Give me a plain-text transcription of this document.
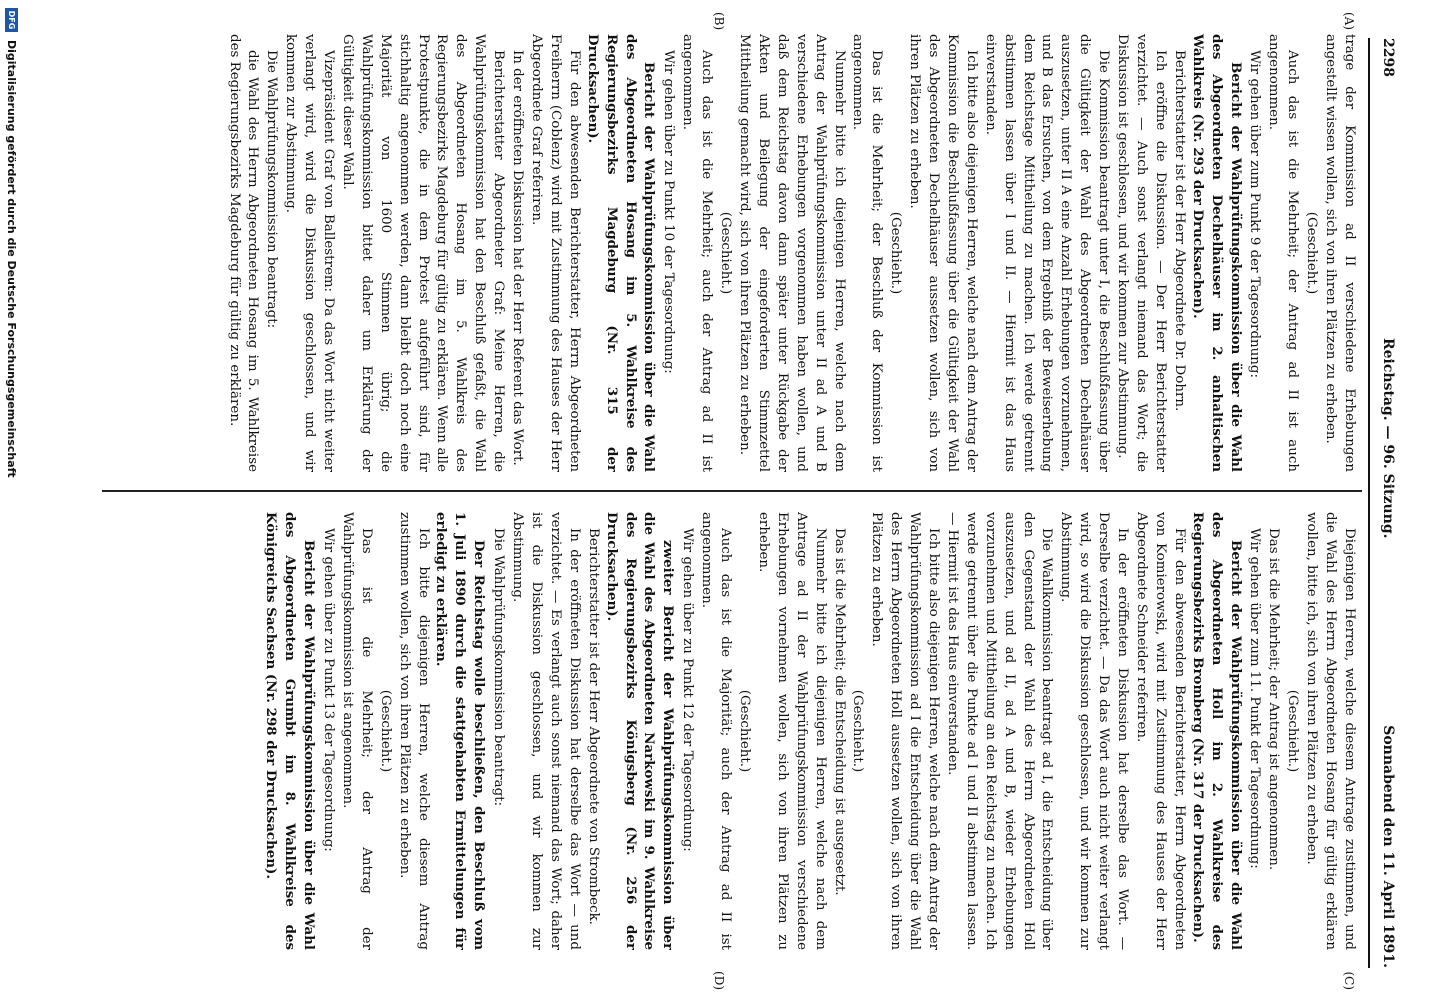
2298
Reichstag. — 96. Sitzung.
Sonnabend den 11. April 1891.
(A)
(B)
(C)
(D)

trage der Kommission ad II verschiedene Erhebungen angestellt wissen wollen, sich von ihren Plätzen zu erheben.

(Geschieht.)

Auch das ist die Mehrheit; der Antrag ad II ist auch angenommen.

Wir gehen über zum Punkt 9 der Tagesordnung:

Bericht der Wahlprüfungskommission über die Wahl des Abgeordneten Dechelhäuser im 2. anhaltischen Wahlkreis (Nr. 293 der Drucksachen).

Berichterstatter ist der Herr Abgeordnete Dr. Dohrn.

Ich eröffne die Diskussion. — Der Herr Berichterstatter verzichtet. — Auch sonst verlangt niemand das Wort; die Diskussion ist geschlossen, und wir kommen zur Abstimmung.

Die Kommission beantragt unter I, die Beschlußfassung über die Gültigkeit der Wahl des Abgeordneten Dechelhäuser auszusetzen, unter II A eine Anzahl Erhebungen vorzunehmen, und B das Ersuchen, von dem Ergebniß der Beweiserhebung dem Reichstage Mittheilung zu machen. Ich werde getrennt abstimmen lassen über I und II. — Hiermit ist das Haus einverstanden.

Ich bitte also diejenigen Herren, welche nach dem Antrag der Kommission die Beschlußfassung über die Gültigkeit der Wahl des Abgeordneten Dechelhäuser aussetzen wollen, sich von ihren Plätzen zu erheben.

(Geschieht.)

Das ist die Mehrheit; der Beschluß der Kommission ist angenommen.

Nunmehr bitte ich diejenigen Herren, welche nach dem Antrag der Wahlprüfungskommission unter II ad A und B verschiedene Erhebungen vorgenommen haben wollen, und daß dem Reichstag davon dann später unter Rückgabe der Akten und Beilegung der eingeforderten Stimmzettel Mittheilung gemacht wird, sich von ihren Plätzen zu erheben.

(Geschieht.)

Auch das ist die Mehrheit; auch der Antrag ad II ist angenommen.

Wir gehen über zu Punkt 10 der Tagesordnung:

Bericht der Wahlprüfungskommission über die Wahl des Abgeordneten Hosang im 5. Wahlkreise des Regierungsbezirks Magdeburg (Nr. 315 der Drucksachen).

Für den abwesenden Berichterstatter, Herrn Abgeordneten Freiherrn (Coblenz) wird mit Zustimmung des Hauses der Herr Abgeordnete Graf referiren.

In der eröffneten Diskussion hat der Herr Referent das Wort.

Berichterstatter Abgeordneter Graf: Meine Herren, die Wahlprüfungskommission hat den Beschluß gefaßt, die Wahl des Abgeordneten Hosang im 5. Wahlkreis des Regierungsbezirks Magdeburg für gültig zu erklären. Wenn alle Protestpunkte, die in dem Protest aufgeführt sind, für stichhaltig angenommen werden, dann bleibt doch noch eine Majorität von 1600 Stimmen übrig; die Wahlprüfungskommission bittet daher um Erklärung der Gültigkeit dieser Wahl.

Vizepräsident Graf von Ballestrem: Da das Wort nicht weiter verlangt wird, wird die Diskussion geschlossen, und wir kommen zur Abstimmung.

Die Wahlprüfungskommission beantragt:

die Wahl des Herrn Abgeordneten Hosang im 5. Wahlkreise des Regierungsbezirks Magdeburg für gültig zu erklären.

Diejenigen Herren, welche diesem Antrage zustimmen, und die Wahl des Herrn Abgeordneten Hosang für gültig erklären wollen, bitte ich, sich von ihren Plätzen zu erheben.

(Geschieht.)

Das ist die Mehrheit; der Antrag ist angenommen.

Wir gehen über zum 11. Punkt der Tagesordnung:

Bericht der Wahlprüfungskommission über die Wahl des Abgeordneten Holl im 2. Wahlkreise des Regierungsbezirks Bromberg (Nr. 317 der Drucksachen).

Für den abwesenden Berichterstatter, Herrn Abgeordneten von Komierowski, wird mit Zustimmung des Hauses der Herr Abgeordnete Schneider referiren.

In der eröffneten Diskussion hat derselbe das Wort. — Derselbe verzichtet. — Da das Wort auch nicht weiter verlangt wird, so wird die Diskussion geschlossen, und wir kommen zur Abstimmung.

Die Wahlkommission beantragt ad I, die Entscheidung über den Gegenstand der Wahl des Herrn Abgeordneten Holl auszusetzen, und ad II, ad A und B, wieder Erhebungen vorzunehmen und Mittheilung an den Reichstag zu machen. Ich werde getrennt über die Punkte ad I und II abstimmen lassen. — Hiermit ist das Haus einverstanden.

Ich bitte also diejenigen Herren, welche nach dem Antrag der Wahlprüfungskommission ad I die Entscheidung über die Wahl des Herrn Abgeordneten Holl aussetzen wollen, sich von ihren Plätzen zu erheben.

(Geschieht.)

Das ist die Mehrheit; die Entscheidung ist ausgesetzt.

Nunmehr bitte ich diejenigen Herren, welche nach dem Antrage ad II der Wahlprüfungskommission verschiedene Erhebungen vornehmen wollen, sich von ihren Plätzen zu erheben.

(Geschieht.)

Auch das ist die Majorität; auch der Antrag ad II ist angenommen.

Wir gehen über zu Punkt 12 der Tagesordnung:

zweiter Bericht der Wahlprüfungskommission über die Wahl des Abgeordneten Narkowski im 9. Wahlkreise des Regierungsbezirks Königsberg (Nr. 256 der Drucksachen).

Berichterstatter ist der Herr Abgeordnete von Strombeck.

In der eröffneten Diskussion hat derselbe das Wort — und verzichtet. — Es verlangt auch sonst niemand das Wort; daher ist die Diskussion geschlossen, und wir kommen zur Abstimmung.

Die Wahlprüfungskommission beantragt:

Der Reichstag wolle beschließen, den Beschluß vom 1. Juli 1890 durch die stattgehabten Ermittelungen für erledigt zu erklären.

Ich bitte diejenigen Herren, welche diesem Antrag zustimmen wollen, sich von ihren Plätzen zu erheben.

(Geschieht.)

Das ist die Mehrheit; der Antrag der Wahlprüfungskommission ist angenommen.

Wir gehen über zu Punkt 13 der Tagesordnung:

Bericht der Wahlprüfungskommission über die Wahl des Abgeordneten Grumbt im 8. Wahlkreise des Königreichs Sachsen (Nr. 298 der Drucksachen).

DFG
Digitalisierung gefördert durch die Deutsche Forschungsgemeinschaft
